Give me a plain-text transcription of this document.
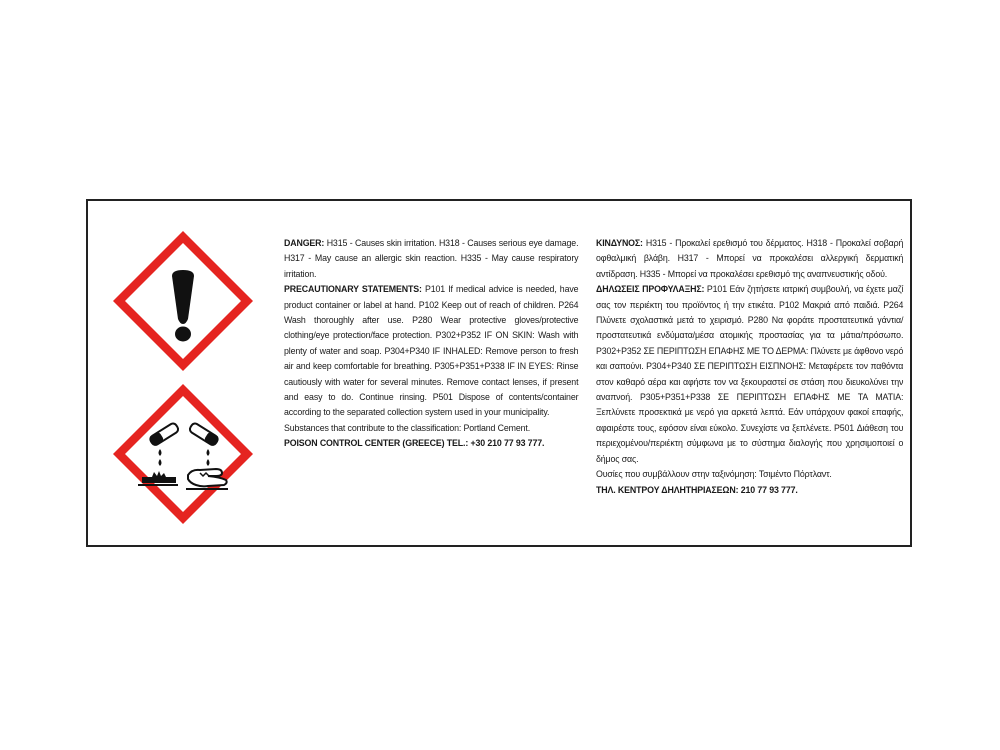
DANGER: H315 - Causes skin irritation. H318 - Causes serious eye damage. H317 - May cause an allergic skin reaction. H335 - May cause respiratory irritation.

PRECAUTIONARY STATEMENTS: P101 If medical advice is needed, have product container or label at hand. P102 Keep out of reach of children. P264 Wash thoroughly after use. P280 Wear protective gloves/protective clothing/eye protection/face protection. P302+P352 IF ON SKIN: Wash with plenty of water and soap. P304+P340 IF INHALED: Remove person to fresh air and keep comfortable for breathing. P305+P351+P338 IF IN EYES: Rinse cautiously with water for several minutes. Remove contact lenses, if present and easy to do. Continue rinsing. P501 Dispose of contents/container according to the separated collection system used in your municipality.

Substances that contribute to the classification: Portland Cement.

POISON CONTROL CENTER (GREECE) TEL.: +30 210 77 93 777.

ΚΙΝΔΥΝΟΣ: H315 - Προκαλεί ερεθισμό του δέρματος. H318 - Προκαλεί σοβαρή οφθαλμική βλάβη. H317 - Μπορεί να προκαλέσει αλλεργική δερματική αντίδραση. H335 - Μπορεί να προκαλέσει ερεθισμό της αναπνευστικής οδού.

ΔΗΛΩΣΕΙΣ ΠΡΟΦΥΛΑΞΗΣ: P101 Εάν ζητήσετε ιατρική συμβουλή, να έχετε μαζί σας τον περιέκτη του προϊόντος ή την ετικέτα. P102 Μακριά από παιδιά. P264 Πλύνετε σχολαστικά μετά το χειρισμό. P280 Να φοράτε προστατευτικά γάντια/προστατευτικά ενδύματα/μέσα ατομικής προστασίας για τα μάτια/πρόσωπο. P302+P352 ΣΕ ΠΕΡΙΠΤΩΣΗ ΕΠΑΦΗΣ ΜΕ ΤΟ ΔΕΡΜΑ: Πλύνετε με άφθονο νερό και σαπούνι. P304+P340 ΣΕ ΠΕΡΙΠΤΩΣΗ ΕΙΣΠΝΟΗΣ: Μεταφέρετε τον παθόντα στον καθαρό αέρα και αφήστε τον να ξεκουραστεί σε στάση που διευκολύνει την αναπνοή. P305+P351+P338 ΣΕ ΠΕΡΙΠΤΩΣΗ ΕΠΑΦΗΣ ΜΕ ΤΑ ΜΑΤΙΑ: Ξεπλύνετε προσεκτικά με νερό για αρκετά λεπτά. Εάν υπάρχουν φακοί επαφής, αφαιρέστε τους, εφόσον είναι εύκολο. Συνεχίστε να ξεπλένετε. P501 Διάθεση του περιεχομένου/περιέκτη σύμφωνα με το σύστημα διαλογής που χρησιμοποιεί ο δήμος σας.

Ουσίες που συμβάλλουν στην ταξινόμηση: Τσιμέντο Πόρτλαντ.

ΤΗΛ. ΚΕΝΤΡΟΥ ΔΗΛΗΤΗΡΙΑΣΕΩΝ: 210 77 93 777.
